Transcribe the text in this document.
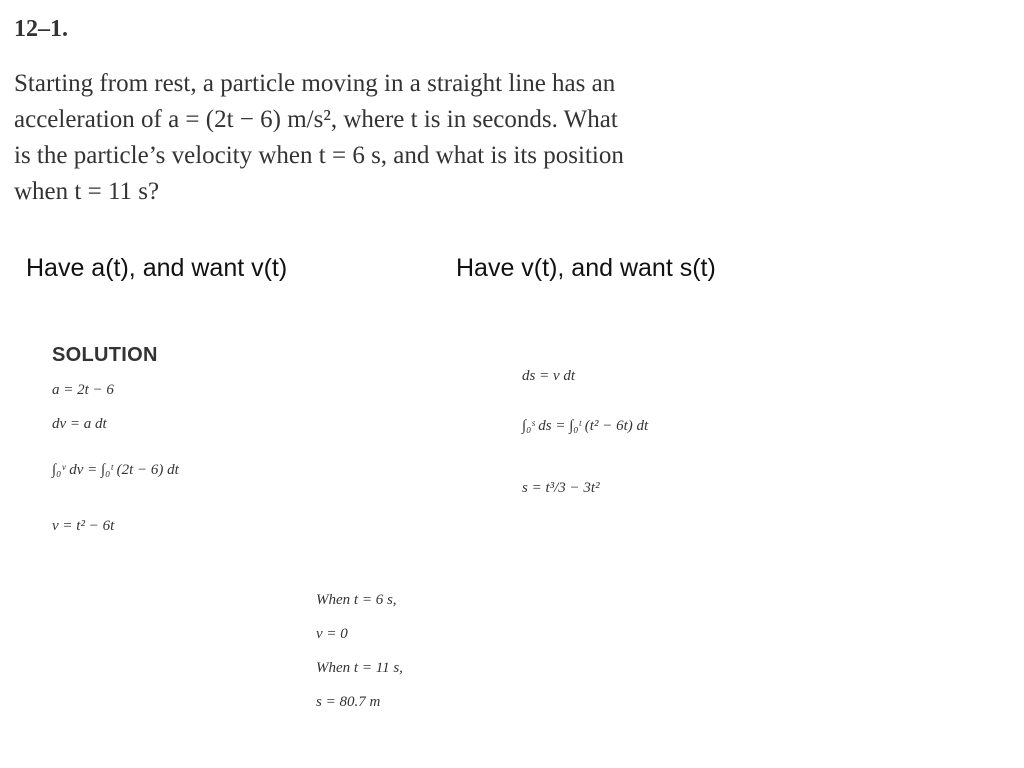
12–1.
Starting from rest, a particle moving in a straight line has an
acceleration of a = (2t − 6) m/s², where t is in seconds. What
is the particle’s velocity when t = 6 s, and what is its position
when t = 11 s?
Have a(t), and want v(t)	Have v(t), and want s(t)
SOLUTION
a = 2t − 6
dv = a dt
∫₀ᵛ dv = ∫₀ᵗ (2t − 6) dt
v = t² − 6t
ds = v dt
∫₀ˢ ds = ∫₀ᵗ (t² − 6t) dt
s = t³/3 − 3t²
When t = 6 s,
v = 0
When t = 11 s,
s = 80.7 m
